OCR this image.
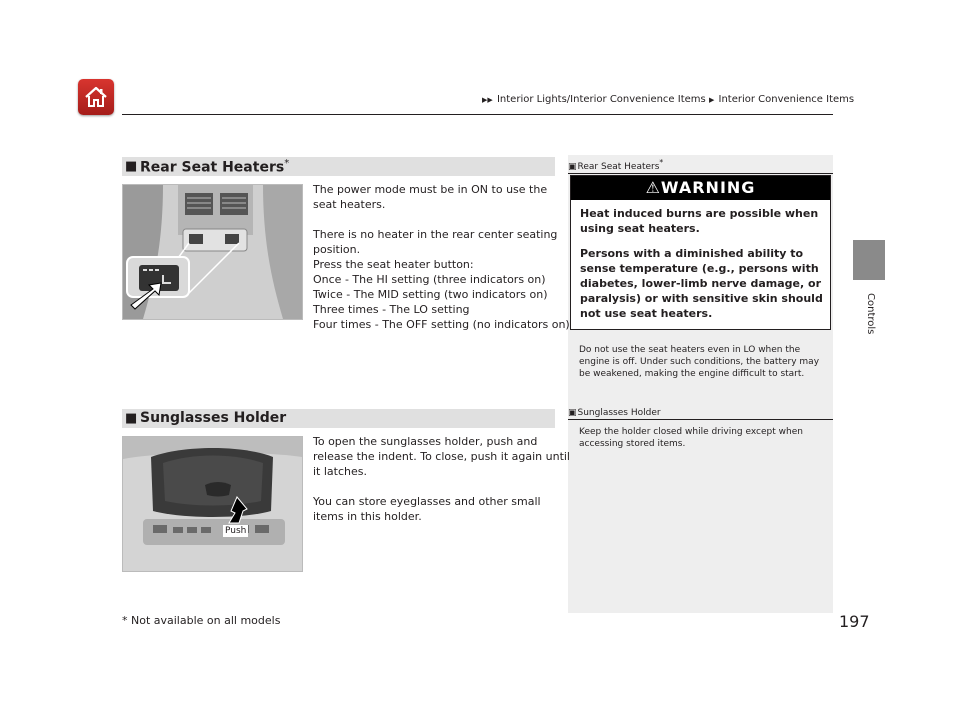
▶▶ Interior Lights/Interior Convenience Items ▶ Interior Convenience Items
Controls
■ Rear Seat Heaters*
The power mode must be in ON to use the
seat heaters.
There is no heater in the rear center seating
position.
Press the seat heater button:
Once - The HI setting (three indicators on)
Twice - The MID setting (two indicators on)
Three times - The LO setting
Four times - The OFF setting (no indicators on)
▣Rear Seat Heaters*
⚠WARNING
Heat induced burns are possible when using seat heaters.
Persons with a diminished ability to sense temperature (e.g., persons with diabetes, lower-limb nerve damage, or paralysis) or with sensitive skin should not use seat heaters.
Do not use the seat heaters even in LO when the
engine is off. Under such conditions, the battery may
be weakened, making the engine difficult to start.
■ Sunglasses Holder
Push
To open the sunglasses holder, push and
release the indent. To close, push it again until
it latches.
You can store eyeglasses and other small
items in this holder.
▣Sunglasses Holder
Keep the holder closed while driving except when
accessing stored items.
* Not available on all models	197
